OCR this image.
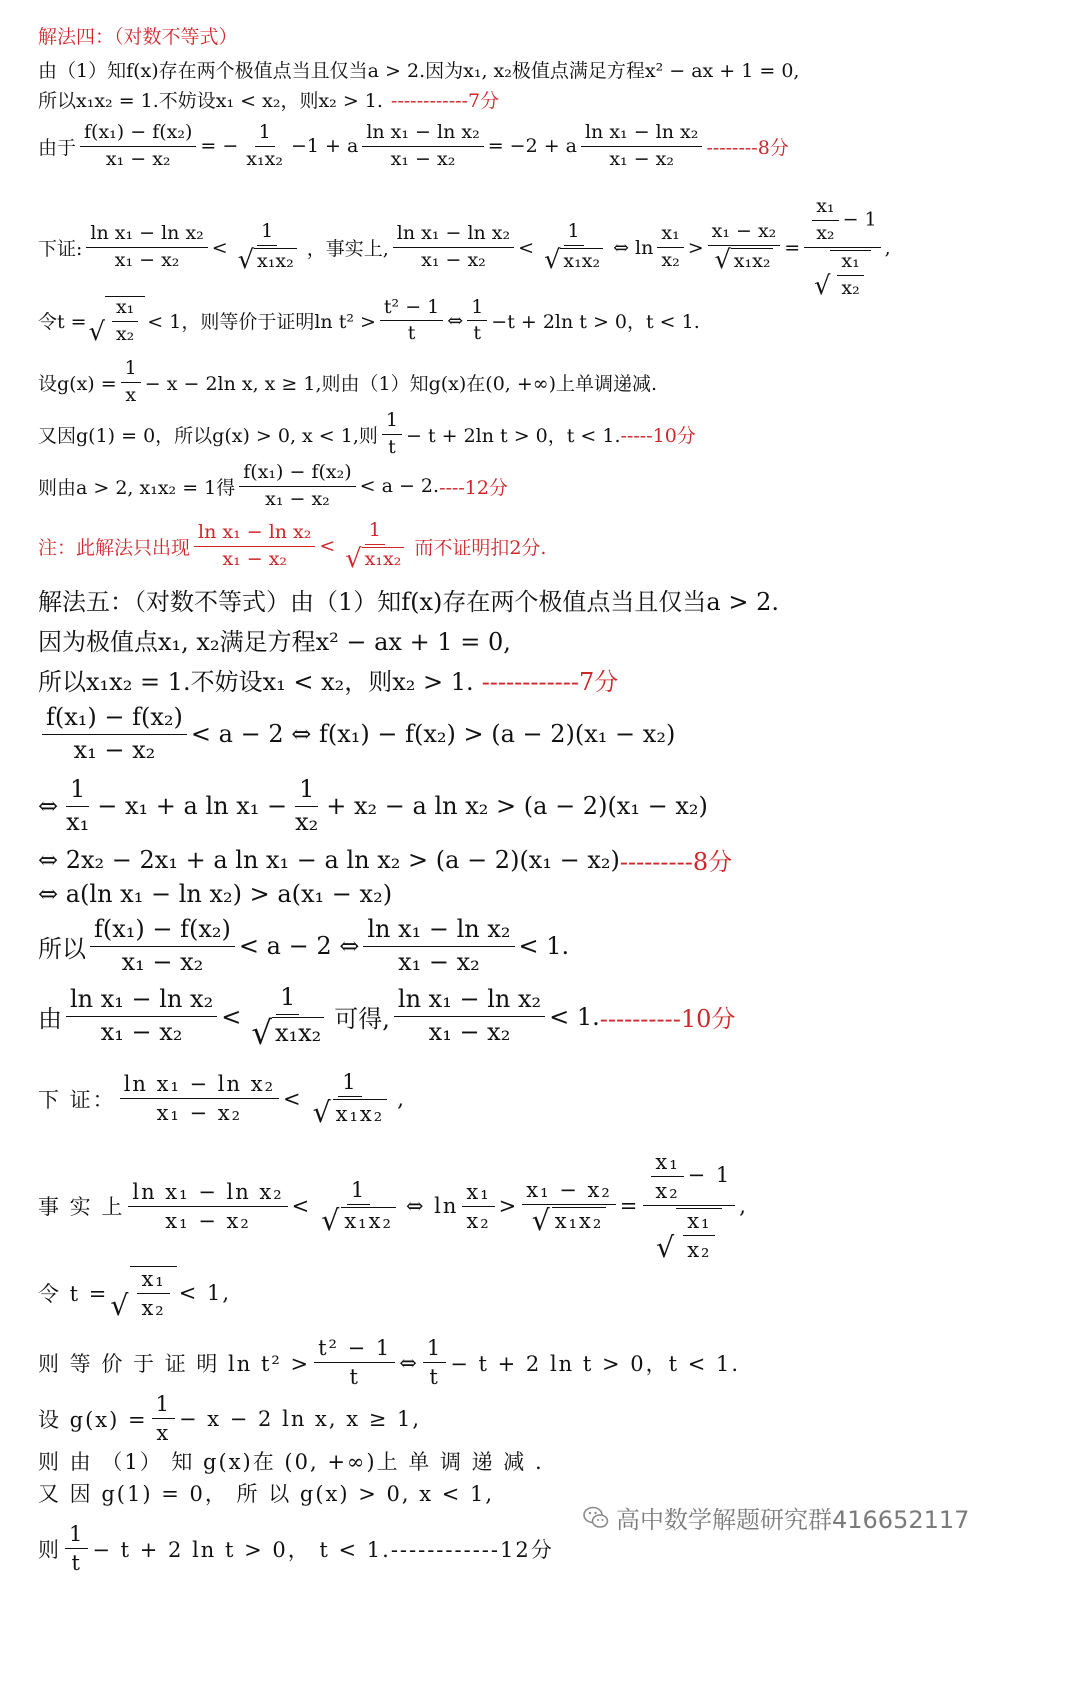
解法四：（对数不等式）
由（1）知f(x)存在两个极值点当且仅当a > 2.因为x₁, x₂极值点满足方程x² − ax + 1 = 0,
所以x₁x₂ = 1.不妨设x₁ < x₂，则x₂ > 1. ------------7分
由于 $\frac{\text{f(x₁) − f(x₂)}}{\text{x₁ − x₂}}$ = − $\frac{1}{\text{x₁x₂}} -1 + a \frac{\text{ln x₁ − ln x₂}}{\text{x₁ − x₂}} = -2 + a \frac{\text{ln x₁ − ln x₂}}{\text{x₁ − x₂}} --------8$分
下证: $\frac{\text{ln x₁ − ln x₂}}{\text{x₁ − x₂}} < \frac{1}{\text{√ x₁x₂}}$ ，事实上, $\frac{\text{ln x₁ − ln x₂}}{\text{x₁ − x₂}} < \frac{1}{\text{√ x₁x₂}}$ ⇔ $\ln \frac{\text{x₁}}{\text{x₂}} > \frac{\text{x₁ − x₂}}{\text{√ x₁x₂}} = \frac{\frac{\text{x₁}}{\text{x₂}} - 1}{√ \frac{\text{x₁}}{\text{x₂}}}$ ,
令t = √ $\frac{\text{x₁}}{\text{x₂}} < 1$，则等价于证明$\ln t^2 > \frac{\text{t² − 1}}{t}$ ⇔ $\frac{1}{t} -t + 2\ln$ t > 0，t < 1.
设$g(x) = \frac{1}{x} - x - 2\ln$ x, x ≥ 1,则由（1）知g(x)在(0, +∞)上单调递减.
又因g(1) = 0，所以g(x) > 0, x < 1,则 $\frac{1}{t} - t + 2\ln$ t > 0，t < 1. -----10分
则由a > 2, x₁x₂ = 1得 $\frac{\text{f(x₁) − f(x₂)}}{\text{x₁ − x₂}} < a - 2$. ----12分
注：此解法只出现 $\frac{\text{ln x₁ − ln x₂}}{\text{x₁ − x₂}} < \frac{1}{\text{√ x₁x₂}}$ 而不证明扣2分.
解法五：（对数不等式）由（1）知f(x)存在两个极值点当且仅当a > 2.
因为极值点x₁, x₂满足方程x² − ax + 1 = 0,
所以x₁x₂ = 1.不妨设x₁ < x₂，则x₂ > 1. ------------7分
$\frac{\text{f(x₁) − f(x₂)}}{\text{x₁ − x₂}} < a - 2$ ⇔ f(x₁) − f(x₂) > (a − 2)(x₁ − x₂)
⇔ $\frac{1}{\text{x₁}} - x_1 + a$ $\ln x_1 - \frac{1}{\text{x₂}} + x_2 - a$ ln x₂ > (a − 2)(x₁ − x₂)
⇔ 2x₂ − 2x₁ + a ln x₁ − a ln x₂ > (a − 2)(x₁ − x₂) ---------8分
⇔ a(ln x₁ − ln x₂) > a(x₁ − x₂)
所以 $\frac{\text{f(x₁) − f(x₂)}}{\text{x₁ − x₂}} < a - 2$ ⇔ $\frac{\text{ln x₁ − ln x₂}}{\text{x₁ − x₂}} < 1$.
由 $\frac{\text{ln x₁ − ln x₂}}{\text{x₁ − x₂}} < \frac{1}{\text{√ x₁x₂}}$ 可得, $\frac{\text{ln x₁ − ln x₂}}{\text{x₁ − x₂}} < 1$. ----------10分
下 证： $\frac{\text{ln x₁ − ln x₂}}{\text{x₁ − x₂}} < \frac{1}{\text{√ x₁x₂}}$ ,
事 实 上 $\frac{\text{ln x₁ − ln x₂}}{\text{x₁ − x₂}} < \frac{1}{\text{√ x₁x₂}}$ ⇔ $\ln \frac{\text{x₁}}{\text{x₂}} > \frac{\text{x₁ − x₂}}{\text{√ x₁x₂}} = \frac{\frac{\text{x₁}}{\text{x₂}} - 1}{√ \frac{\text{x₁}}{\text{x₂}}}$ ,
令 t = √ $\frac{\text{x₁}}{\text{x₂}} < 1$,
则 等 价 于 证 明 $\ln t^2 > \frac{\text{t² − 1}}{t}$ ⇔ $\frac{1}{t} - t + 2$ ln t > 0，t < 1.
设 $g(x) = \frac{1}{x} - x - 2$ ln x, x ≥ 1,
则 由 （1） 知 g(x)在 (0, +∞)上 单 调 递 减 .
又 因 g(1) = 0， 所 以 g(x) > 0, x < 1,
则 $\frac{1}{t} - t + 2$ ln t > 0， t < 1. ------------12分
高中数学解题研究群416652117
